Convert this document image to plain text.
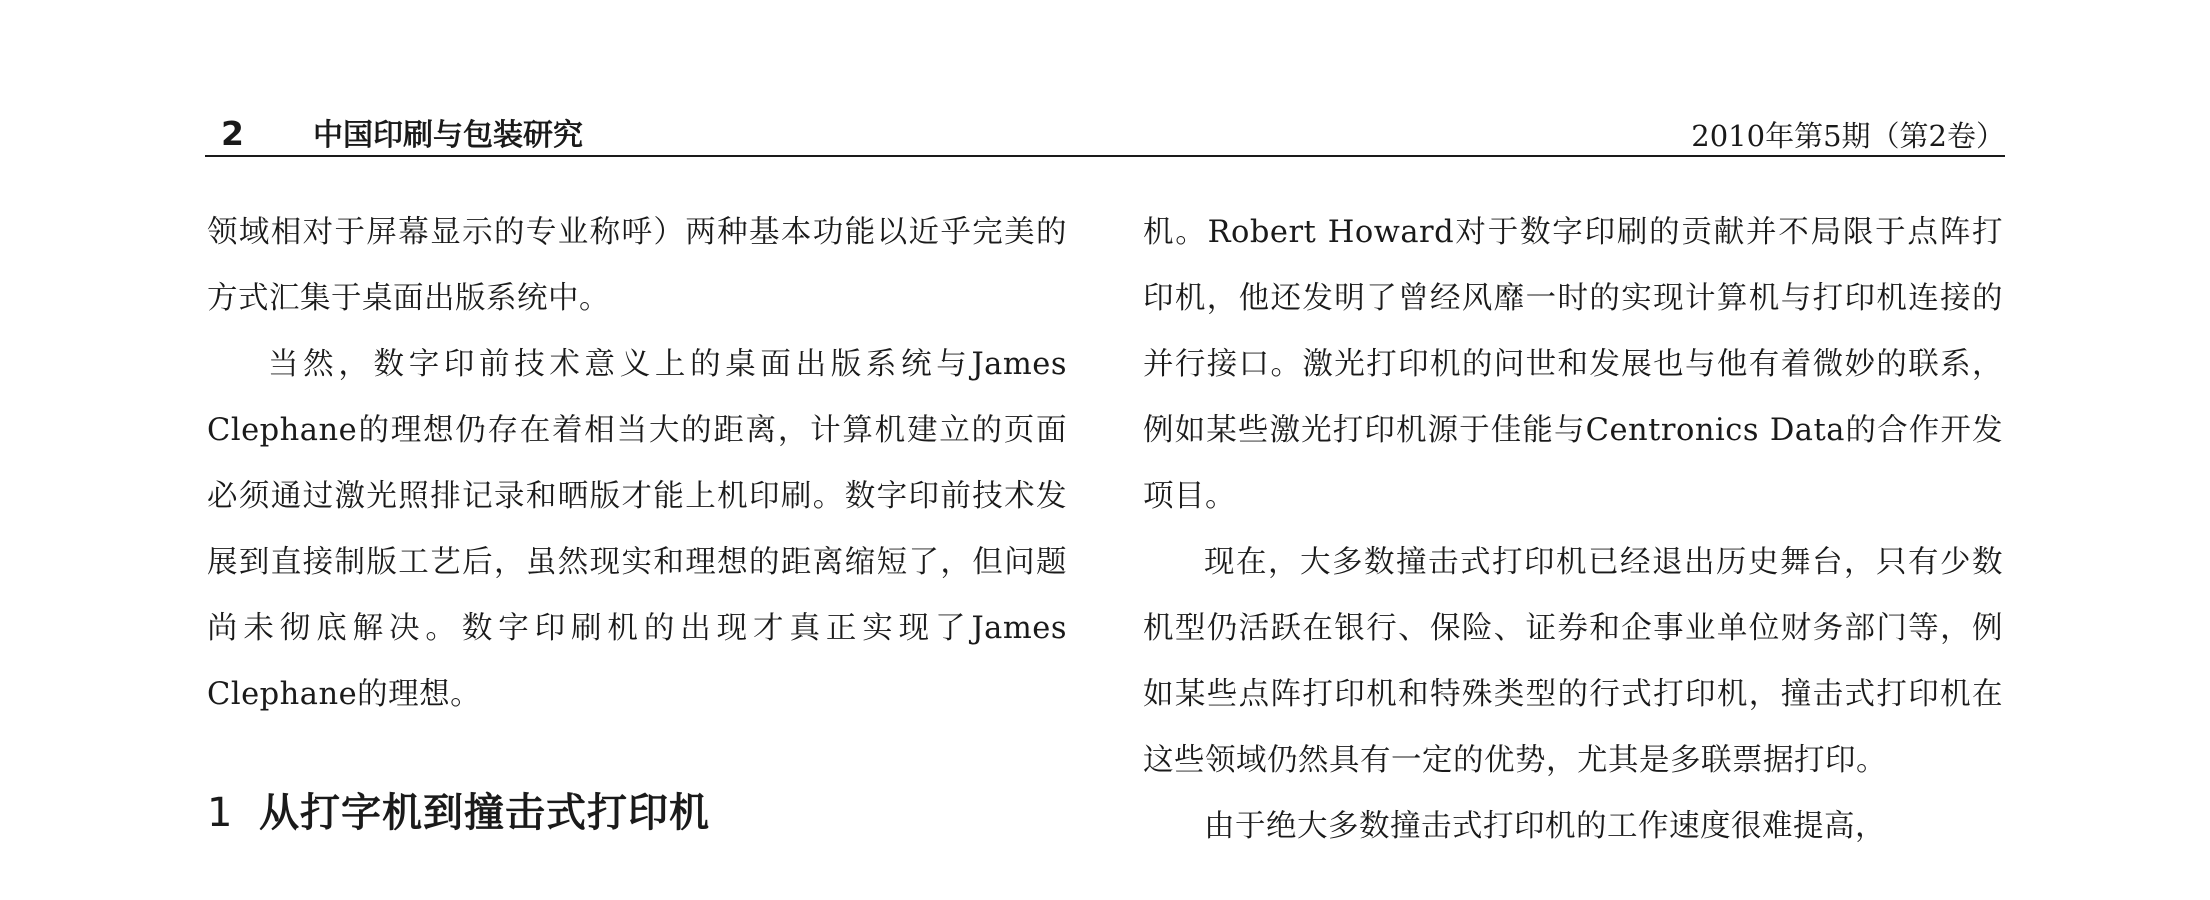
2 中国印刷与包装研究	2010年第5期（第2卷）

领域相对于屏幕显示的专业称呼）两种基本功能以近乎完美的方式汇集于桌面出版系统中。

当然，数字印前技术意义上的桌面出版系统与James Clephane的理想仍存在着相当大的距离，计算机建立的页面必须通过激光照排记录和晒版才能上机印刷。数字印前技术发展到直接制版工艺后，虽然现实和理想的距离缩短了，但问题尚未彻底解决。数字印刷机的出现才真正实现了James Clephane的理想。

1 从打字机到撞击式打印机

机。Robert Howard对于数字印刷的贡献并不局限于点阵打印机，他还发明了曾经风靡一时的实现计算机与打印机连接的并行接口。激光打印机的问世和发展也与他有着微妙的联系，例如某些激光打印机源于佳能与Centronics Data的合作开发项目。

现在，大多数撞击式打印机已经退出历史舞台，只有少数机型仍活跃在银行、保险、证券和企事业单位财务部门等，例如某些点阵打印机和特殊类型的行式打印机，撞击式打印机在这些领域仍然具有一定的优势，尤其是多联票据打印。

由于绝大多数撞击式打印机的工作速度很难提高，
